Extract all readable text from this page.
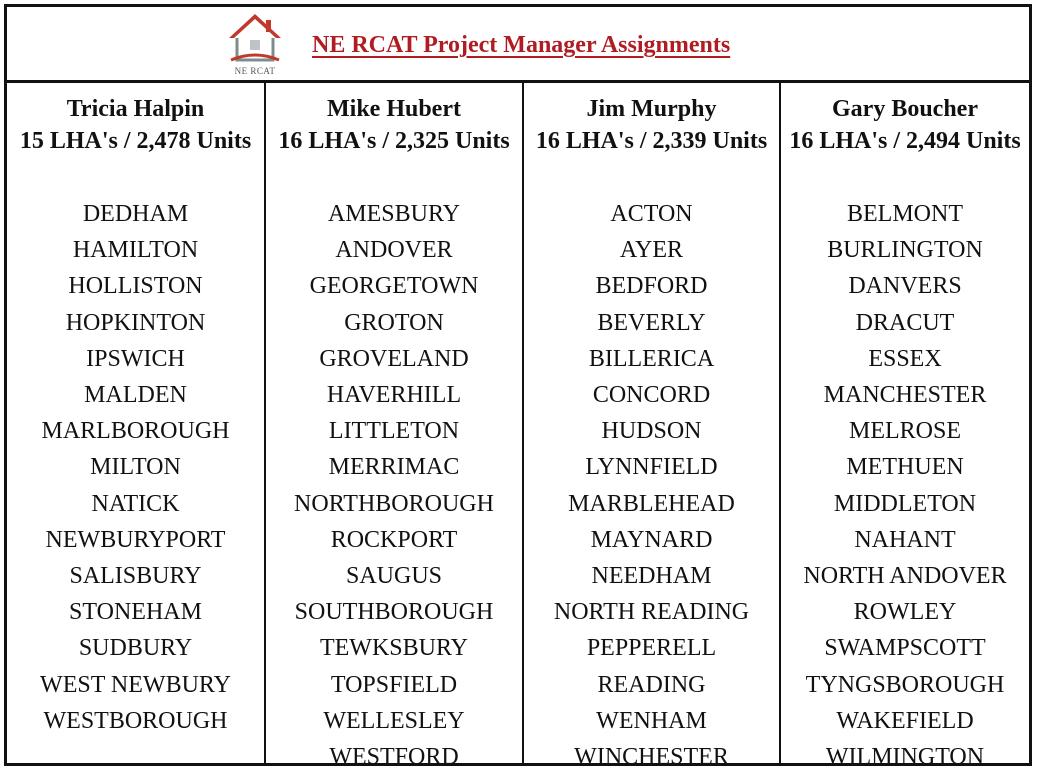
NE RCAT
NE RCAT Project Manager Assignments
Tricia Halpin
15 LHA's / 2,478 Units
DEDHAM
HAMILTON
HOLLISTON
HOPKINTON
IPSWICH
MALDEN
MARLBOROUGH
MILTON
NATICK
NEWBURYPORT
SALISBURY
STONEHAM
SUDBURY
WEST NEWBURY
WESTBOROUGH
Mike Hubert
16 LHA's / 2,325 Units
AMESBURY
ANDOVER
GEORGETOWN
GROTON
GROVELAND
HAVERHILL
LITTLETON
MERRIMAC
NORTHBOROUGH
ROCKPORT
SAUGUS
SOUTHBOROUGH
TEWKSBURY
TOPSFIELD
WELLESLEY
WESTFORD
Jim Murphy
16 LHA's / 2,339 Units
ACTON
AYER
BEDFORD
BEVERLY
BILLERICA
CONCORD
HUDSON
LYNNFIELD
MARBLEHEAD
MAYNARD
NEEDHAM
NORTH READING
PEPPERELL
READING
WENHAM
WINCHESTER
Gary Boucher
16 LHA's / 2,494 Units
BELMONT
BURLINGTON
DANVERS
DRACUT
ESSEX
MANCHESTER
MELROSE
METHUEN
MIDDLETON
NAHANT
NORTH ANDOVER
ROWLEY
SWAMPSCOTT
TYNGSBOROUGH
WAKEFIELD
WILMINGTON
